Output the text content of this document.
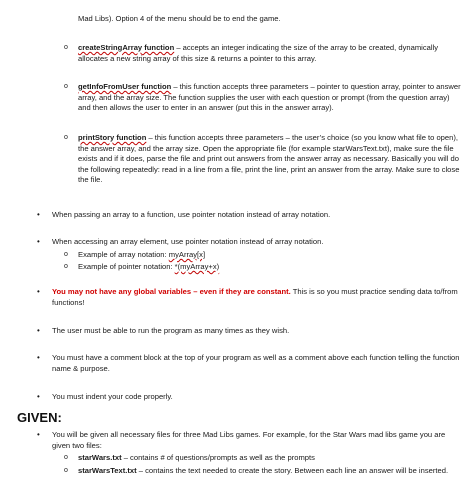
Mad Libs). Option 4 of the menu should be to end the game.

o createStringArray function – accepts an integer indicating the size of the array to be created, dynamically allocates a new string array of this size & returns a pointer to this array.

o getInfoFromUser function – this function accepts three parameters – pointer to question array, pointer to answer array, and the array size. The function supplies the user with each question or prompt (from the question array) and then allows the user to enter in an answer (put this in the answer array).

o printStory function – this function accepts three parameters – the user’s choice (so you know what file to open), the answer array, and the array size. Open the appropriate file (for example starWarsText.txt), make sure the file exists and if it does, parse the file and print out answers from the answer array as necessary. Basically you will do the following repeatedly: read in a line from a file, print the line, print an answer from the array. Make sure to close the file.

• When passing an array to a function, use pointer notation instead of array notation.

• When accessing an array element, use pointer notation instead of array notation.

o Example of array notation: myArray[x]

o Example of pointer notation: *(myArray+x)

• You may not have any global variables – even if they are constant. This is so you must practice sending data to/from functions!

• The user must be able to run the program as many times as they wish.

• You must have a comment block at the top of your program as well as a comment above each function telling the function name & purpose.

• You must indent your code properly.

GIVEN:
• You will be given all necessary files for three Mad Libs games. For example, for the Star Wars mad libs game you are given two files:

o starWars.txt – contains # of questions/prompts as well as the prompts

o starWarsText.txt – contains the text needed to create the story. Between each line an answer will be inserted.
